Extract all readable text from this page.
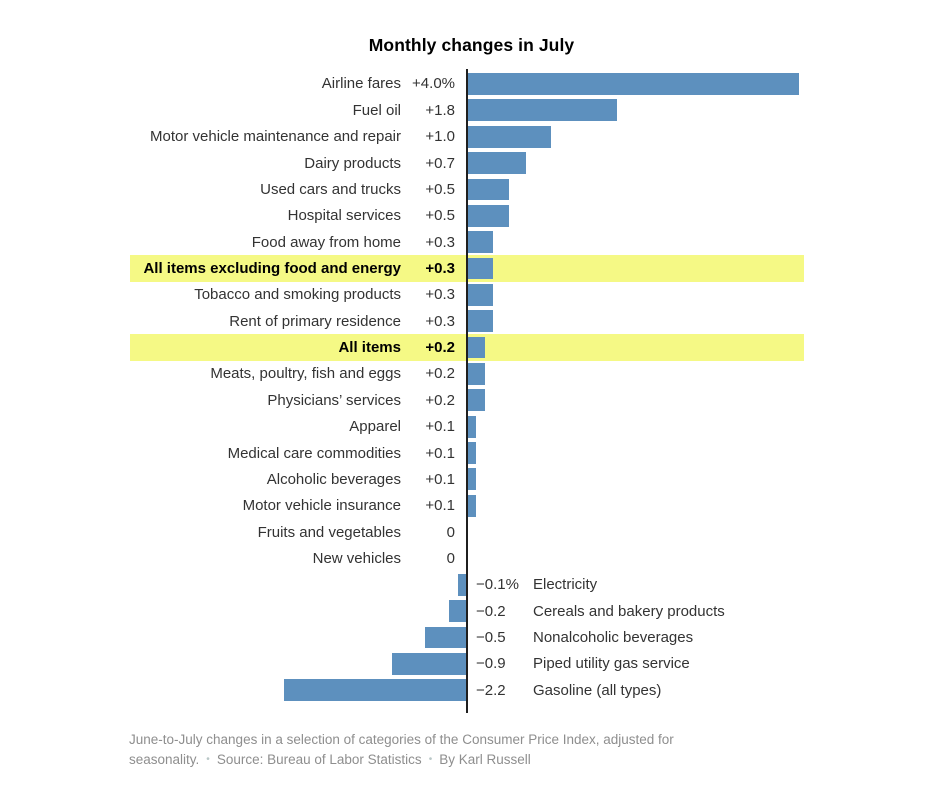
Monthly changes in July
Airline fares +4.0%
Fuel oil	+1.8
Motor vehicle maintenance and repair	+1.0
Dairy products	+0.7
Used cars and trucks	+0.5
Hospital services	+0.5
Food away from home	+0.3
All items excluding food and energy	+0.3
Tobacco and smoking products	+0.3
Rent of primary residence	+0.3
All items	+0.2
Meats, poultry, fish and eggs	+0.2
Physicians’ services	+0.2
Apparel	+0.1
Medical care commodities	+0.1
Alcoholic beverages	+0.1
Motor vehicle insurance	+0.1
Fruits and vegetables	0
New vehicles	0
−0.1% Electricity
−0.2	Cereals and bakery products
−0.5	Nonalcoholic beverages
−0.9	Piped utility gas service
−2.2	Gasoline (all types)
June-to-July changes in a selection of categories of the Consumer Price Index, adjusted for
seasonality. • Source: Bureau of Labor Statistics • By Karl Russell
